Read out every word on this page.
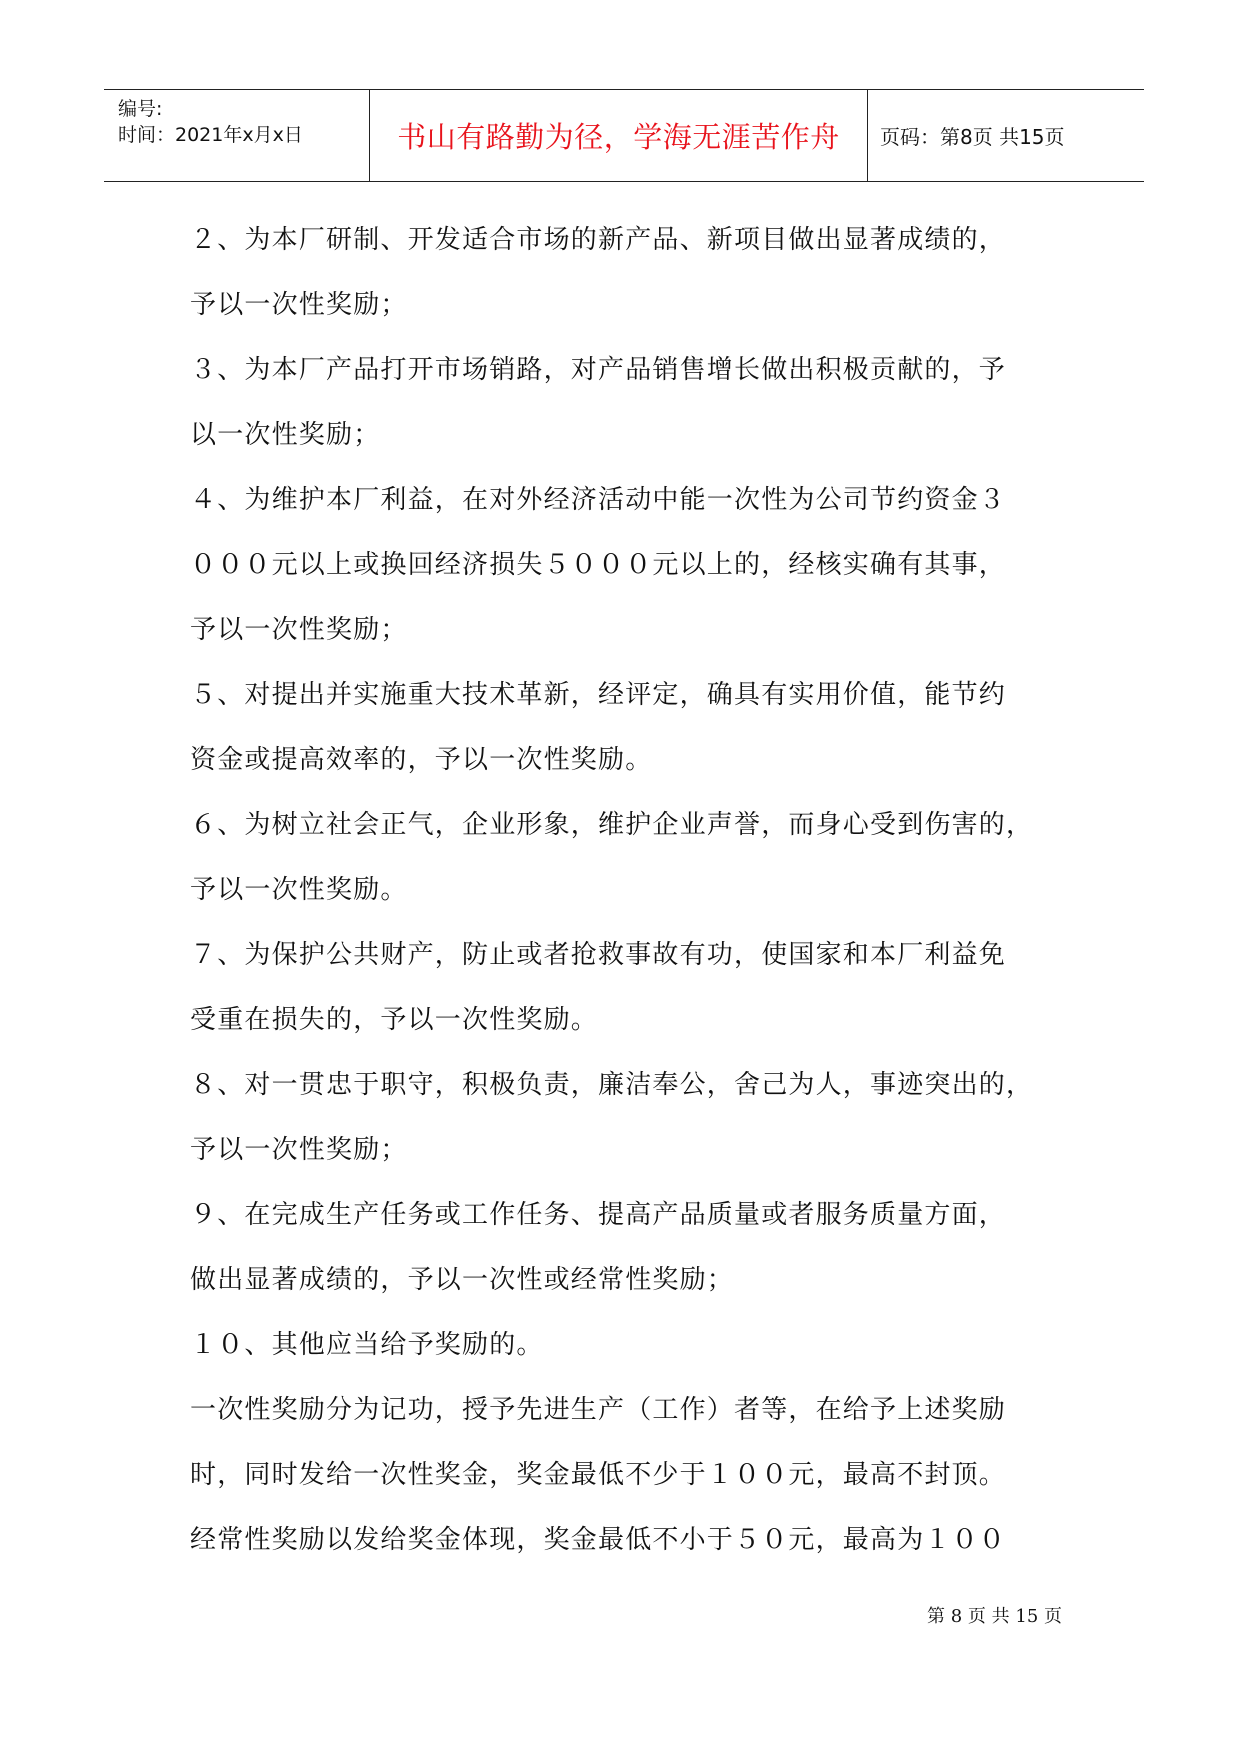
编号:
时间：2021年x月x日	书山有路勤为径，学海无涯苦作舟 页码：第8页 共15页

２、为本厂研制、开发适合市场的新产品、新项目做出显著成绩的，

予以一次性奖励；

３、为本厂产品打开市场销路，对产品销售增长做出积极贡献的，予

以一次性奖励；

４、为维护本厂利益，在对外经济活动中能一次性为公司节约资金３

０００元以上或换回经济损失５０００元以上的，经核实确有其事，

予以一次性奖励；

５、对提出并实施重大技术革新，经评定，确具有实用价值，能节约

资金或提高效率的，予以一次性奖励。

６、为树立社会正气，企业形象，维护企业声誉，而身心受到伤害的，

予以一次性奖励。

７、为保护公共财产，防止或者抢救事故有功，使国家和本厂利益免

受重在损失的，予以一次性奖励。

８、对一贯忠于职守，积极负责，廉洁奉公，舍己为人，事迹突出的，

予以一次性奖励；

９、在完成生产任务或工作任务、提高产品质量或者服务质量方面，

做出显著成绩的，予以一次性或经常性奖励；

１０、其他应当给予奖励的。

一次性奖励分为记功，授予先进生产（工作）者等，在给予上述奖励

时，同时发给一次性奖金，奖金最低不少于１００元，最高不封顶。

经常性奖励以发给奖金体现，奖金最低不小于５０元，最高为１００

第 8 页 共 15 页
